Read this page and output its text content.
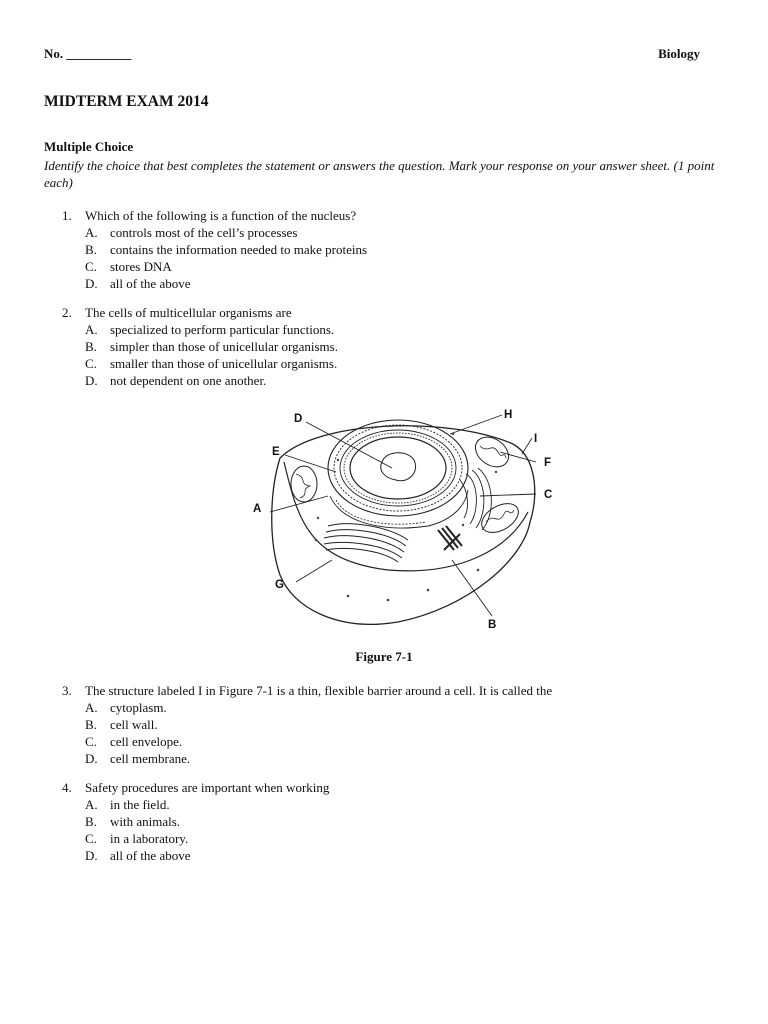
No. __________	Biology
MIDTERM EXAM 2014
Multiple Choice
Identify the choice that best completes the statement or answers the question. Mark your response on your answer sheet. (1 point each)
1.	Which of the following is a function of the nucleus?
A. controls most of the cell’s processes
B.	contains the information needed to make proteins
C.	stores DNA
D. all of the above
2.	The cells of multicellular organisms are
A. specialized to perform particular functions.
B.	simpler than those of unicellular organisms.
C.	smaller than those of unicellular organisms.
D. not dependent on one another.
D
E
A
G
H
I
F
C
B
Figure 7-1
3.	The structure labeled I in Figure 7-1 is a thin, flexible barrier around a cell. It is called the
A. cytoplasm.
B.	cell wall.
C.	cell envelope.
D. cell membrane.
4.	Safety procedures are important when working
A. in the field.
B.	with animals.
C.	in a laboratory.
D. all of the above
